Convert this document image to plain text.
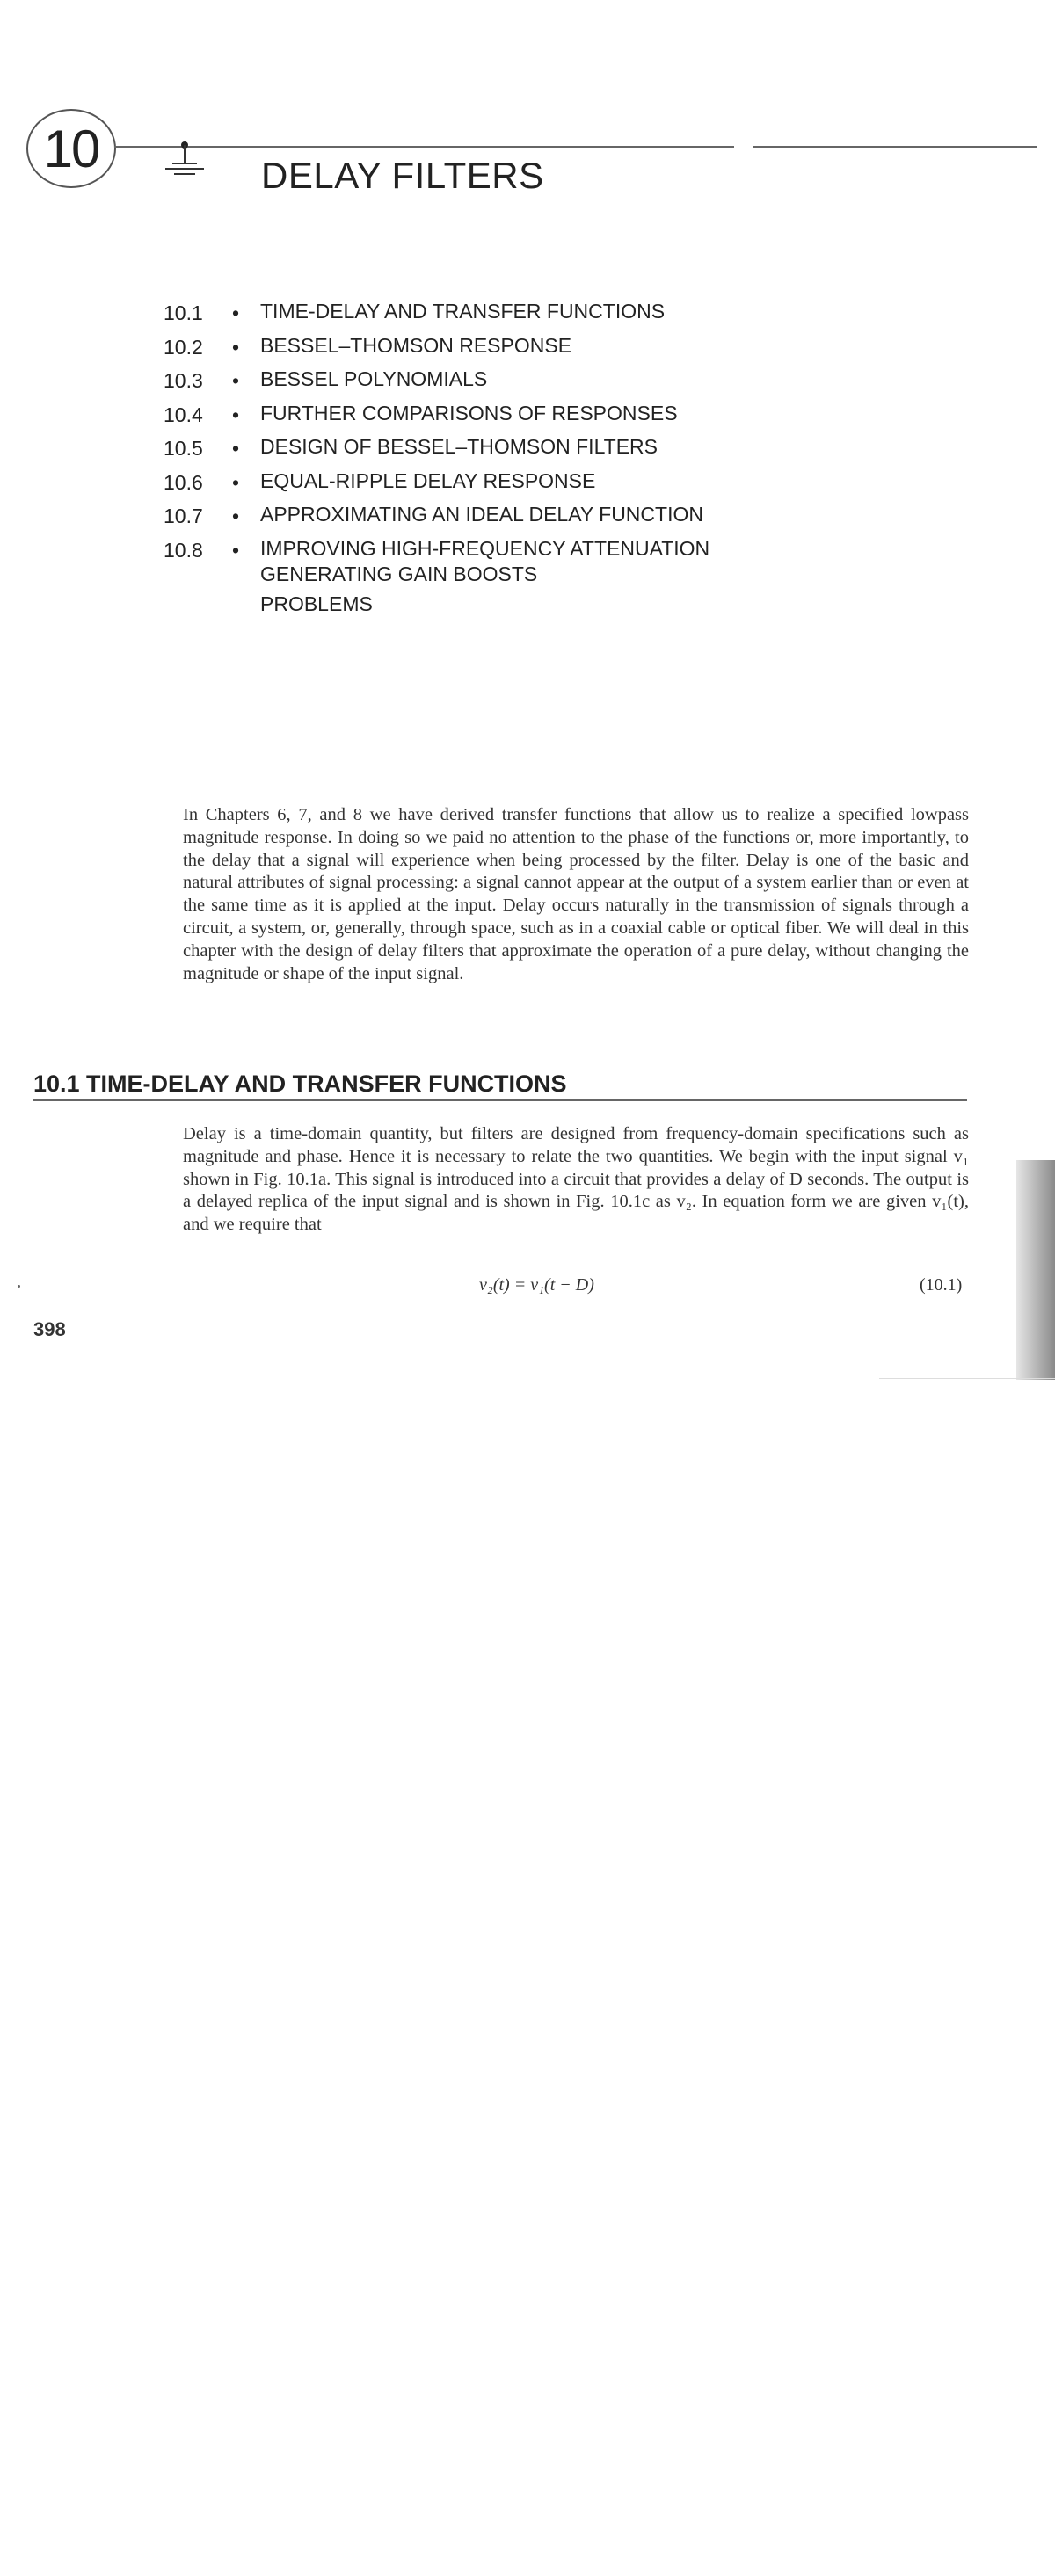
10	DELAY FILTERS
10.1	•	TIME-DELAY AND TRANSFER FUNCTIONS
10.2	•	BESSEL–THOMSON RESPONSE
10.3	•	BESSEL POLYNOMIALS
10.4	•	FURTHER COMPARISONS OF RESPONSES
10.5	•	DESIGN OF BESSEL–THOMSON FILTERS
10.6	•	EQUAL-RIPPLE DELAY RESPONSE
10.7	•	APPROXIMATING AN IDEAL DELAY FUNCTION
10.8	•	IMPROVING HIGH-FREQUENCY ATTENUATION
GENERATING GAIN BOOSTS
PROBLEMS

In Chapters 6, 7, and 8 we have derived transfer functions that allow us to realize a specified lowpass magnitude response. In doing so we paid no attention to the phase of the functions or, more importantly, to the delay that a signal will experience when being processed by the filter. Delay is one of the basic and natural attributes of signal processing: a signal cannot appear at the output of a system earlier than or even at the same time as it is applied at the input. Delay occurs naturally in the transmission of signals through a circuit, a system, or, generally, through space, such as in a coaxial cable or optical fiber. We will deal in this chapter with the design of delay filters that approximate the operation of a pure delay, without changing the magnitude or shape of the input signal.

10.1 TIME-DELAY AND TRANSFER FUNCTIONS

Delay is a time-domain quantity, but filters are designed from frequency-domain specifications such as magnitude and phase. Hence it is necessary to relate the two quantities. We begin with the input signal v₁ shown in Fig. 10.1a. This signal is introduced into a circuit that provides a delay of D seconds. The output is a delayed replica of the input signal and is shown in Fig. 10.1c as v₂. In equation form we are given v₁(t), and we require that

v₂(t) = v₁(t − D)	(10.1)
398
